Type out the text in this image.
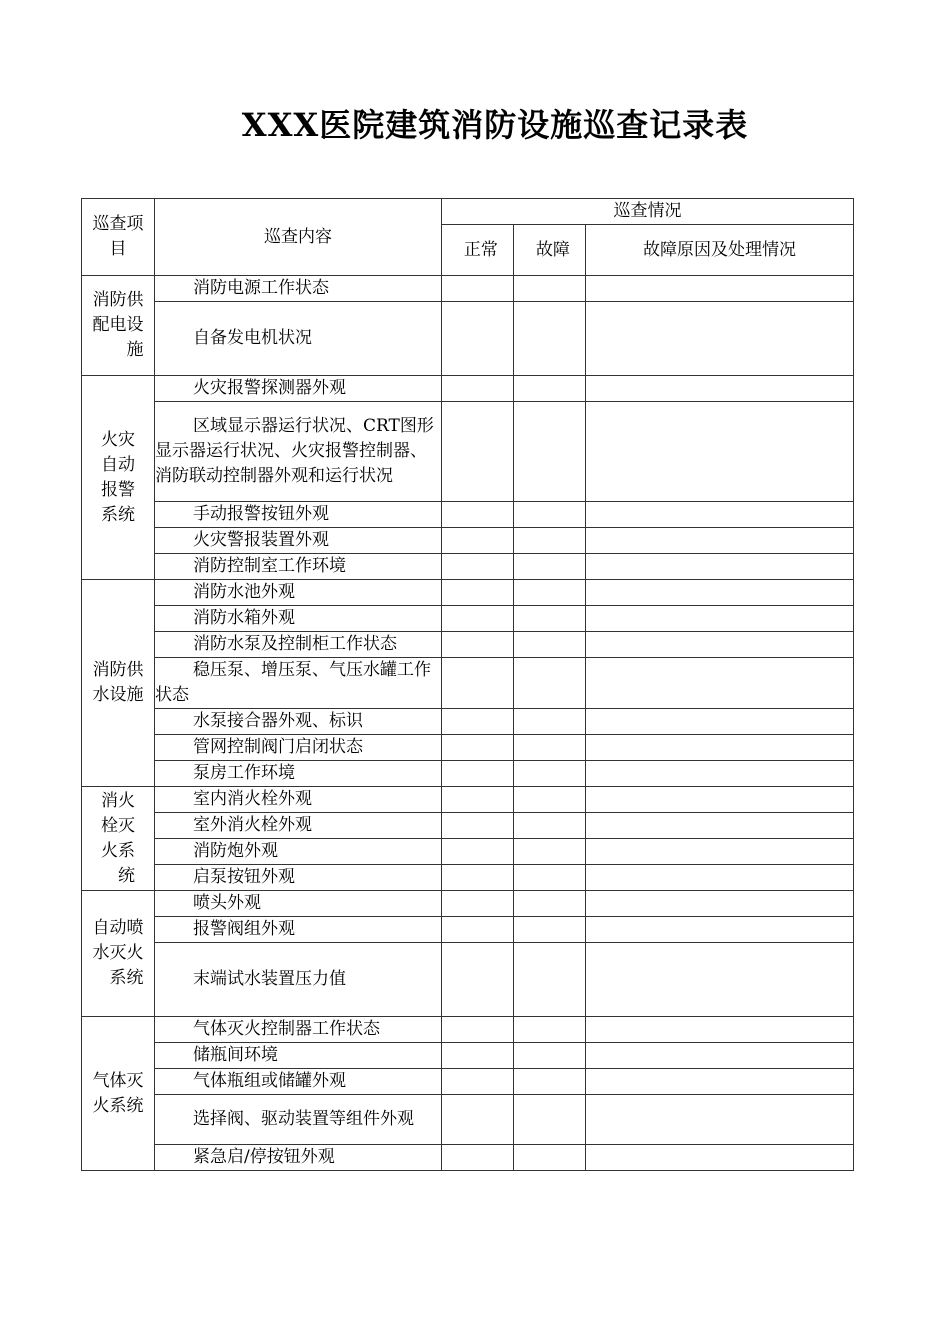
XXX医院建筑消防设施巡查记录表
巡查项目	巡查内容	巡查情况		

		正常	故障	故障原因及处理情况

消防供配电设施	消防电源工作状态			
	自备发电机状况			

火灾自动报警系统	火灾报警探测器外观			
	区域显示器运行状况、CRT图形显示器运行状况、火灾报警控制器、消防联动控制器外观和运行状况			
	手动报警按钮外观			
	火灾警报装置外观			
	消防控制室工作环境			

消防供水设施	消防水池外观			
	消防水箱外观			
	消防水泵及控制柜工作状态			
	稳压泵、增压泵、气压水罐工作状态			
	水泵接合器外观、标识			
	管网控制阀门启闭状态			
	泵房工作环境			

消火栓灭火系统	室内消火栓外观			
	室外消火栓外观			
	消防炮外观			
	启泵按钮外观			

自动喷水灭火系统	喷头外观			
	报警阀组外观			
	末端试水装置压力值			

气体灭火系统	气体灭火控制器工作状态			
	储瓶间环境			
	气体瓶组或储罐外观			
	选择阀、驱动装置等组件外观			
	紧急启/停按钮外观			
